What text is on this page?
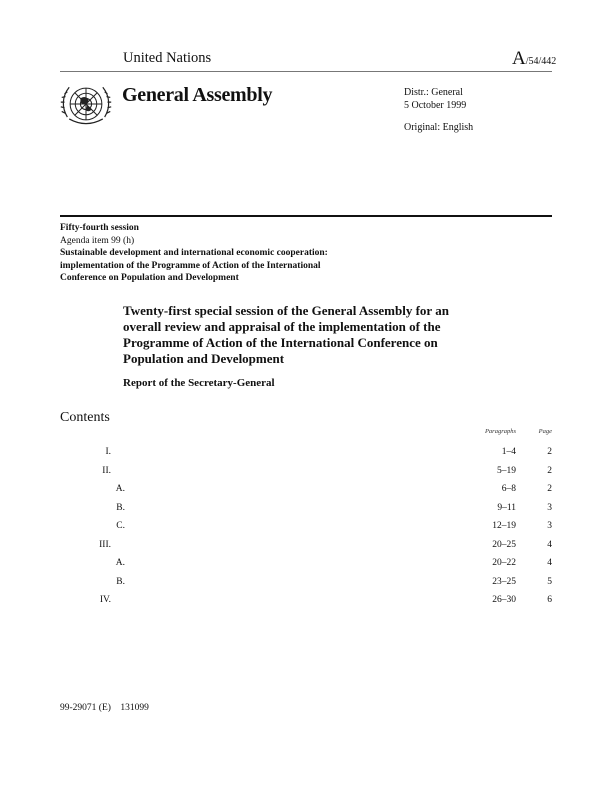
United Nations	A/54/442
General Assembly	Distr.: General
5 October 1999
Original: English
Fifty-fourth session
Agenda item 99 (h)
Sustainable development and international economic cooperation:
implementation of the Programme of Action of the International
Conference on Population and Development
Twenty-first special session of the General Assembly for an overall review and appraisal of the implementation of the Programme of Action of the International Conference on Population and Development
Report of the Secretary-General
Contents
Paragraphs	Page
I.	1–4	2
II.	5–19	2
A.	6–8	2
B.	9–11	3
C.	12–19	3
III.	20–25	4
A.	20–22	4
B.	23–25	5
IV.	26–30	6
99-29071 (E) 131099
